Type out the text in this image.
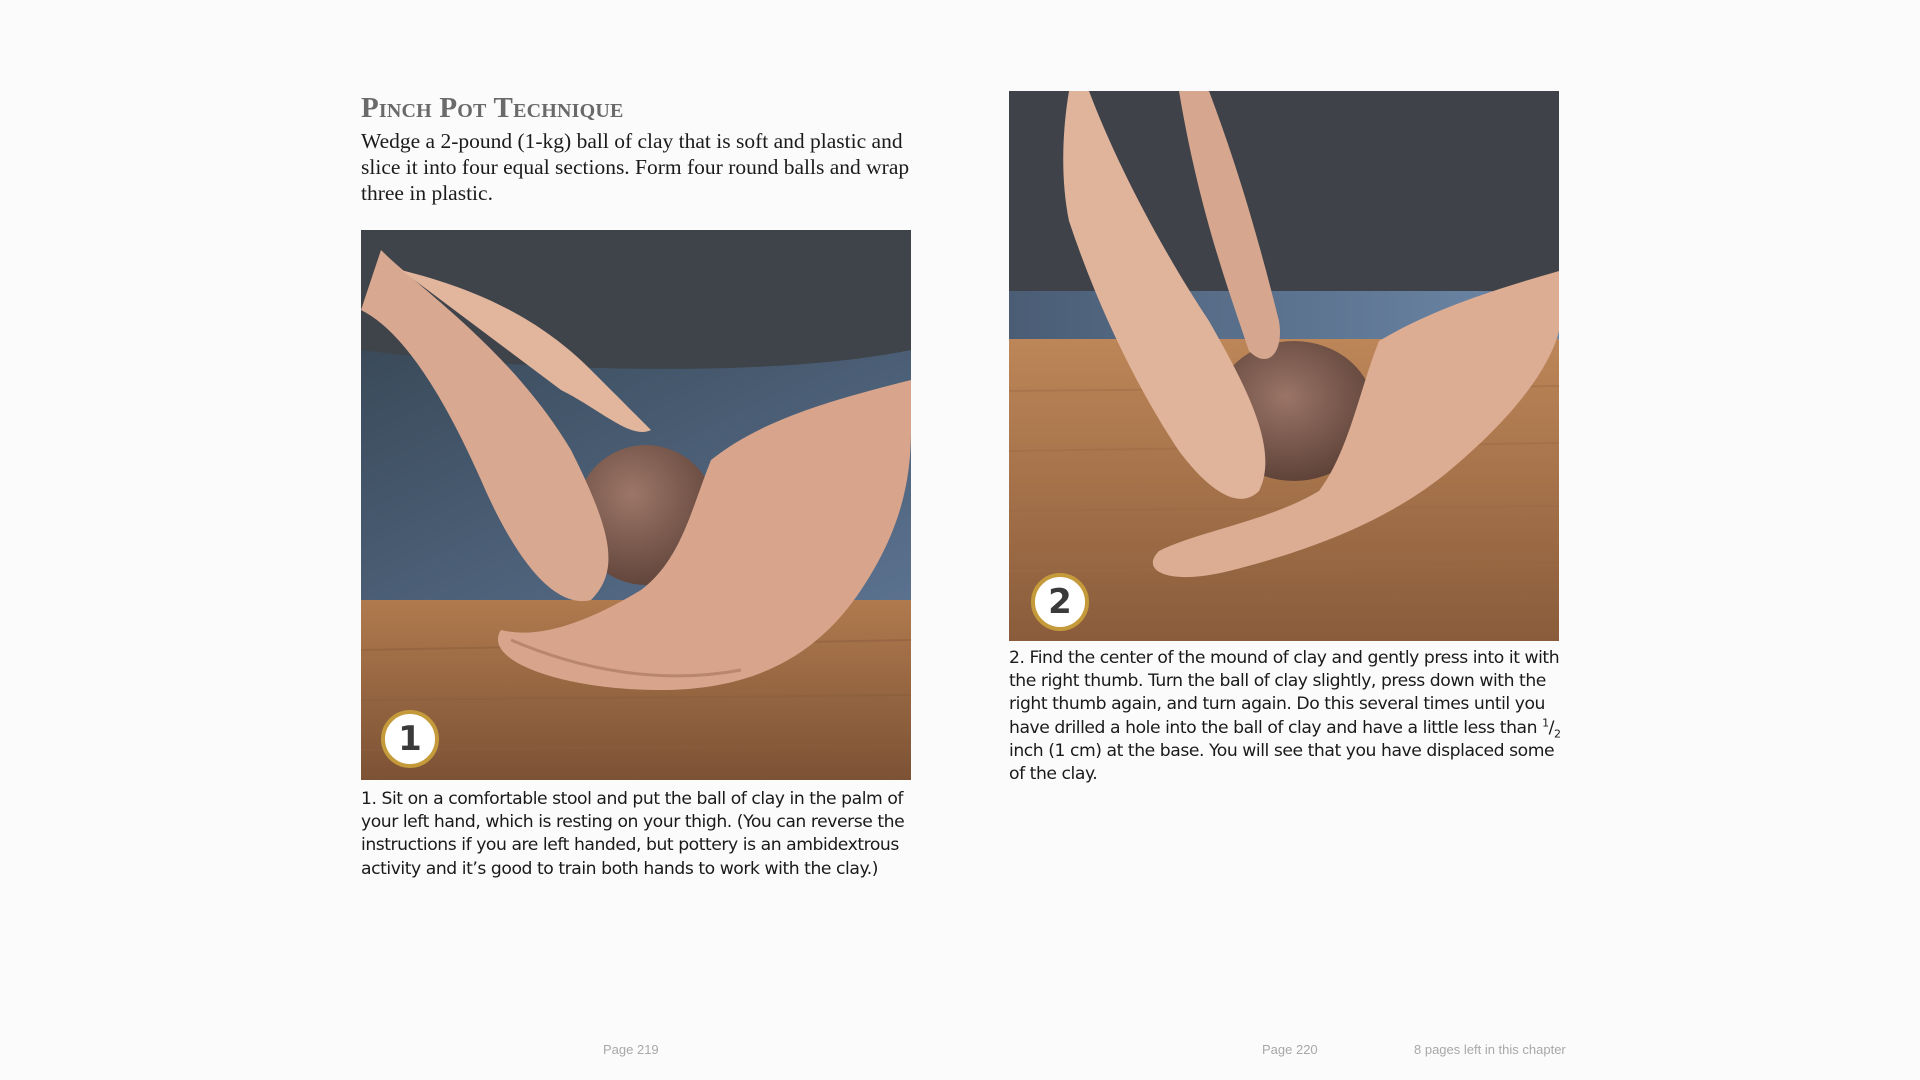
Pinch Pot Technique
Wedge a 2-pound (1-kg) ball of clay that is soft and plastic and slice it into four equal sections. Form four round balls and wrap three in plastic.
1
1. Sit on a comfortable stool and put the ball of clay in the palm of your left hand, which is resting on your thigh. (You can reverse the instructions if you are left handed, but pottery is an ambidextrous activity and it’s good to train both hands to work with the clay.)
2
2. Find the center of the mound of clay and gently press into it with the right thumb. Turn the ball of clay slightly, press down with the right thumb again, and turn again. Do this several times until you have drilled a hole into the ball of clay and have a little less than $^1/_2$ inch (1 cm) at the base. You will see that you have displaced some of the clay.
Page 219	Page 220	8 pages left in this chapter
